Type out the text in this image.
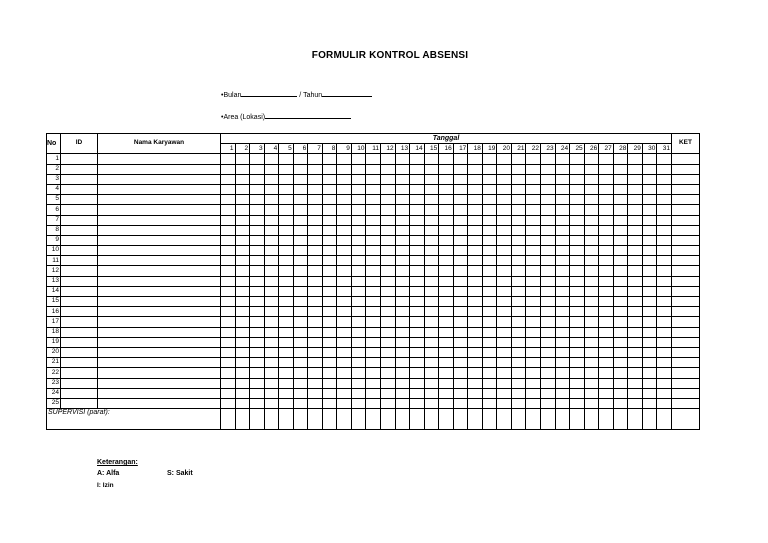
FORMULIR KONTROL ABSENSI
•Bulan	/ Tahun
•Area (Lokasi)
No	ID	Nama Karyawan	Tanggal																															KET
			1	2	3	4	5	6	7	8	9	10	11	12	13	14	15	16	17	18	19	20	21	22	23	24	25	26	27	28	29	30	31	
1																																		
2																																		
3																																		
4																																		
5																																		
6																																		
7																																		
8																																		
9																																		
10																																		
11																																		
12																																		
13																																		
14																																		
15																																		
16																																		
17																																		
18																																		
19																																		
20																																		
21																																		
22																																		
23																																		
24																																		
25																																		
SUPERVISI (paraf):																																		
Keterangan:
A: Alfa	S: Sakit
I: Izin
